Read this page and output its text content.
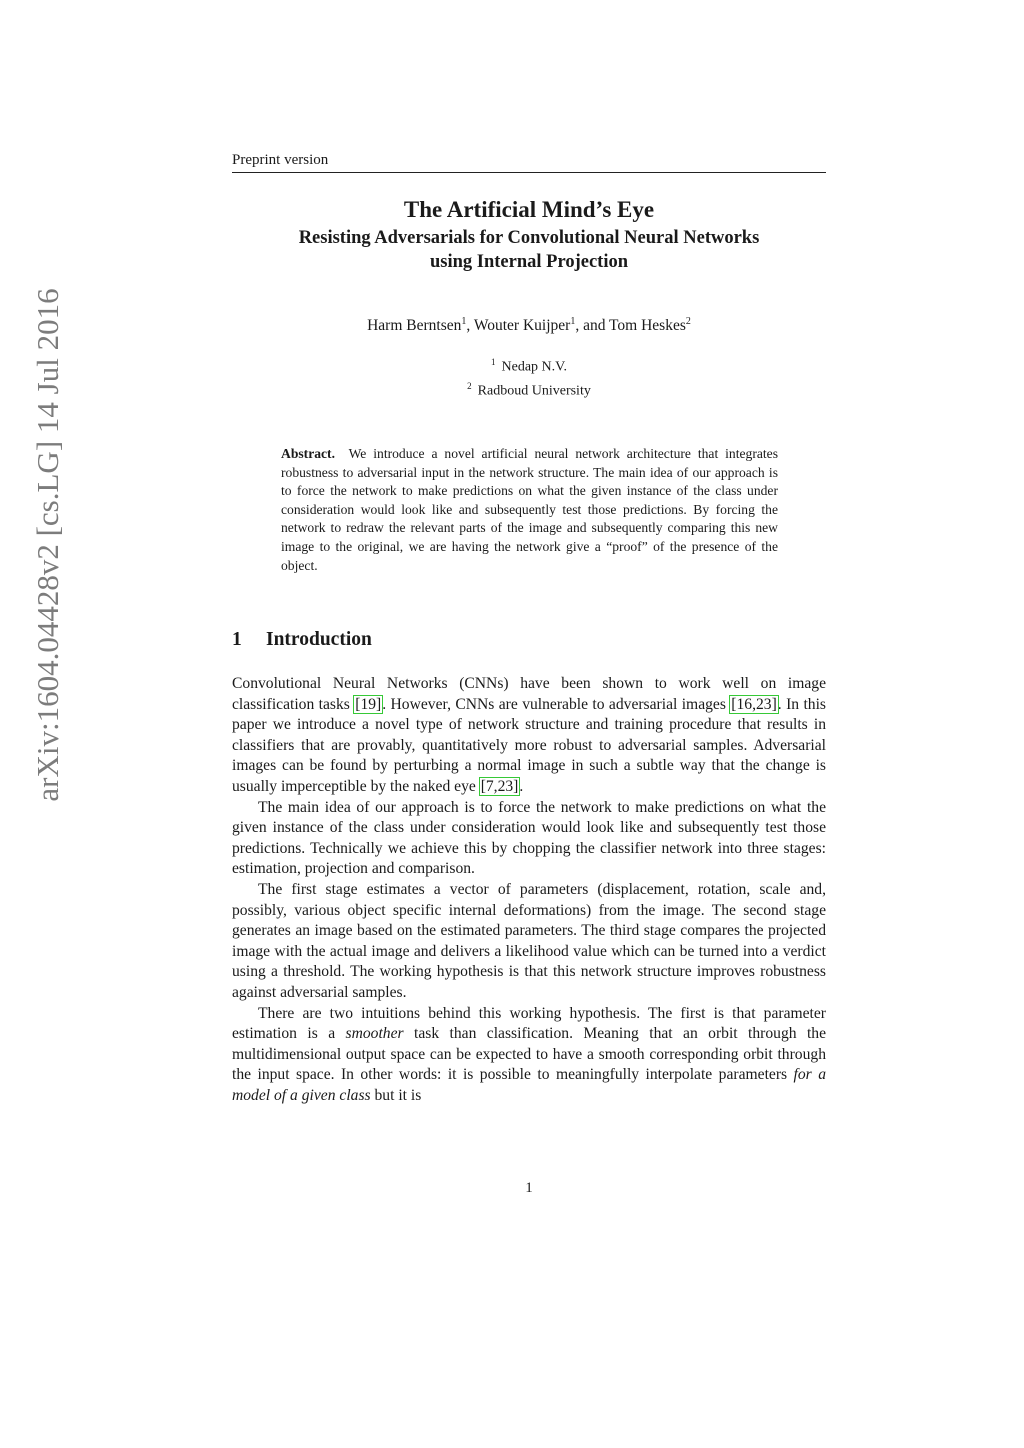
arXiv:1604.04428v2 [cs.LG] 14 Jul 2016
Preprint version

The Artificial Mind’s Eye

Resisting Adversarials for Convolutional Neural Networks

using Internal Projection

Harm Berntsen$^1$, Wouter Kuijper$^1$, and Tom Heskes$^2$
$^1$ Nedap N.V.
$^2$ Radboud University
Abstract. We introduce a novel artificial neural network architecture that integrates robustness to adversarial input in the network structure. The main idea of our approach is to force the network to make predictions on what the given instance of the class under consideration would look like and subsequently test those predictions. By forcing the network to redraw the relevant parts of the image and subsequently comparing this new image to the original, we are having the network give a “proof” of the presence of the object.
1 Introduction

Convolutional Neural Networks (CNNs) have been shown to work well on image classification tasks [19]. However, CNNs are vulnerable to adversarial images [16,23]. In this paper we introduce a novel type of network structure and training procedure that results in classifiers that are provably, quantitatively more robust to adversarial samples. Adversarial images can be found by perturbing a normal image in such a subtle way that the change is usually imperceptible by the naked eye [7,23].

The main idea of our approach is to force the network to make predictions on what the given instance of the class under consideration would look like and subsequently test those predictions. Technically we achieve this by chopping the classifier network into three stages: estimation, projection and comparison.

The first stage estimates a vector of parameters (displacement, rotation, scale and, possibly, various object specific internal deformations) from the image. The second stage generates an image based on the estimated parameters. The third stage compares the projected image with the actual image and delivers a likelihood value which can be turned into a verdict using a threshold. The working hypothesis is that this network structure improves robustness against adversarial samples.

There are two intuitions behind this working hypothesis. The first is that parameter estimation is a smoother task than classification. Meaning that an orbit through the multidimensional output space can be expected to have a smooth corresponding orbit through the input space. In other words: it is possible to meaningfully interpolate parameters for a model of a given class but it is

1
